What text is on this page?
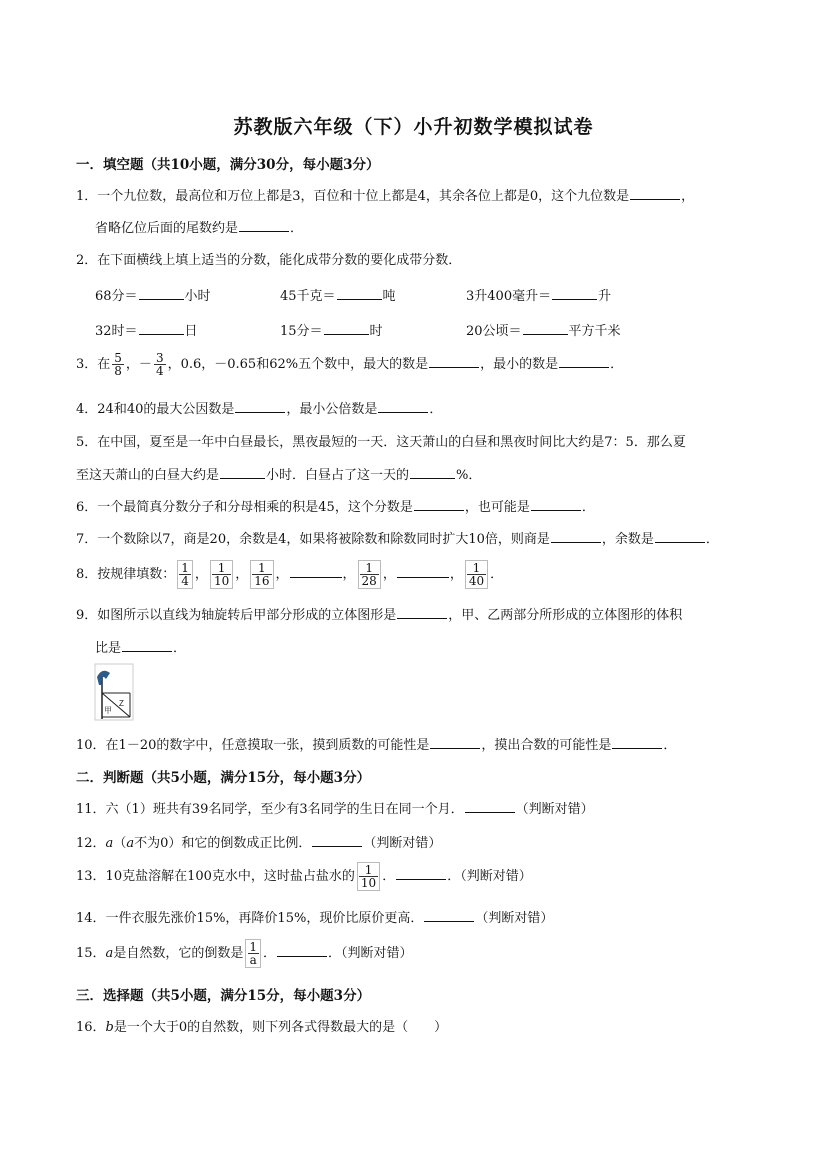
苏教版六年级（下）小升初数学模拟试卷
一．填空题（共10小题，满分30分，每小题3分）
1．一个九位数，最高位和万位上都是3，百位和十位上都是4，其余各位上都是0，这个九位数是	，
省略亿位后面的尾数约是	．
2．在下面横线上填上适当的分数，能化成带分数的要化成带分数．
68分＝	小时	45千克＝	吨	3升400毫升＝	升
32时＝	日	15分＝	时	20公顷＝	平方千米
3．在 $\frac{5}{8}$ ，－ $\frac{3}{4}$ ，0.6，－0.65和62%五个数中，最大的数是	，最小的数是	．
4．24和40的最大公因数是	，最小公倍数是	．
5．在中国，夏至是一年中白昼最长，黑夜最短的一天．这天萧山的白昼和黑夜时间比大约是7：5．那么夏
至这天萧山的白昼大约是	小时．白昼占了这一天的	%．
6．一个最简真分数分子和分母相乘的积是45，这个分数是	，也可能是	．
7．一个数除以7，商是20，余数是4，如果将被除数和除数同时扩大10倍，则商是	，余数是	．
8．按规律填数： $\frac{1}{4}$ ， $\frac{1}{10}$ ， $\frac{1}{16}$ ，	， $\frac{1}{28}$ ，	， $\frac{1}{40}$ ．
9．如图所示以直线为轴旋转后甲部分形成的立体图形是	，甲、乙两部分所形成的立体图形的体积
比是	．
甲
Z
10．在1－20的数字中，任意摸取一张，摸到质数的可能性是	，摸出合数的可能性是	．
二．判断题（共5小题，满分15分，每小题3分）
11．六（1）班共有39名同学，至少有3名同学的生日在同一个月．	（判断对错）
12．a（a不为0）和它的倒数成正比例．	（判断对错）
13．10克盐溶解在100克水中，这时盐占盐水的 $\frac{1}{10}$ ．	．（判断对错）
14．一件衣服先涨价15%，再降价15%，现价比原价更高．	（判断对错）
15．a是自然数，它的倒数是 $\frac{1}{a}$ ．	．（判断对错）
三．选择题（共5小题，满分15分，每小题3分）
16．b是一个大于0的自然数，则下列各式得数最大的是（　　）
